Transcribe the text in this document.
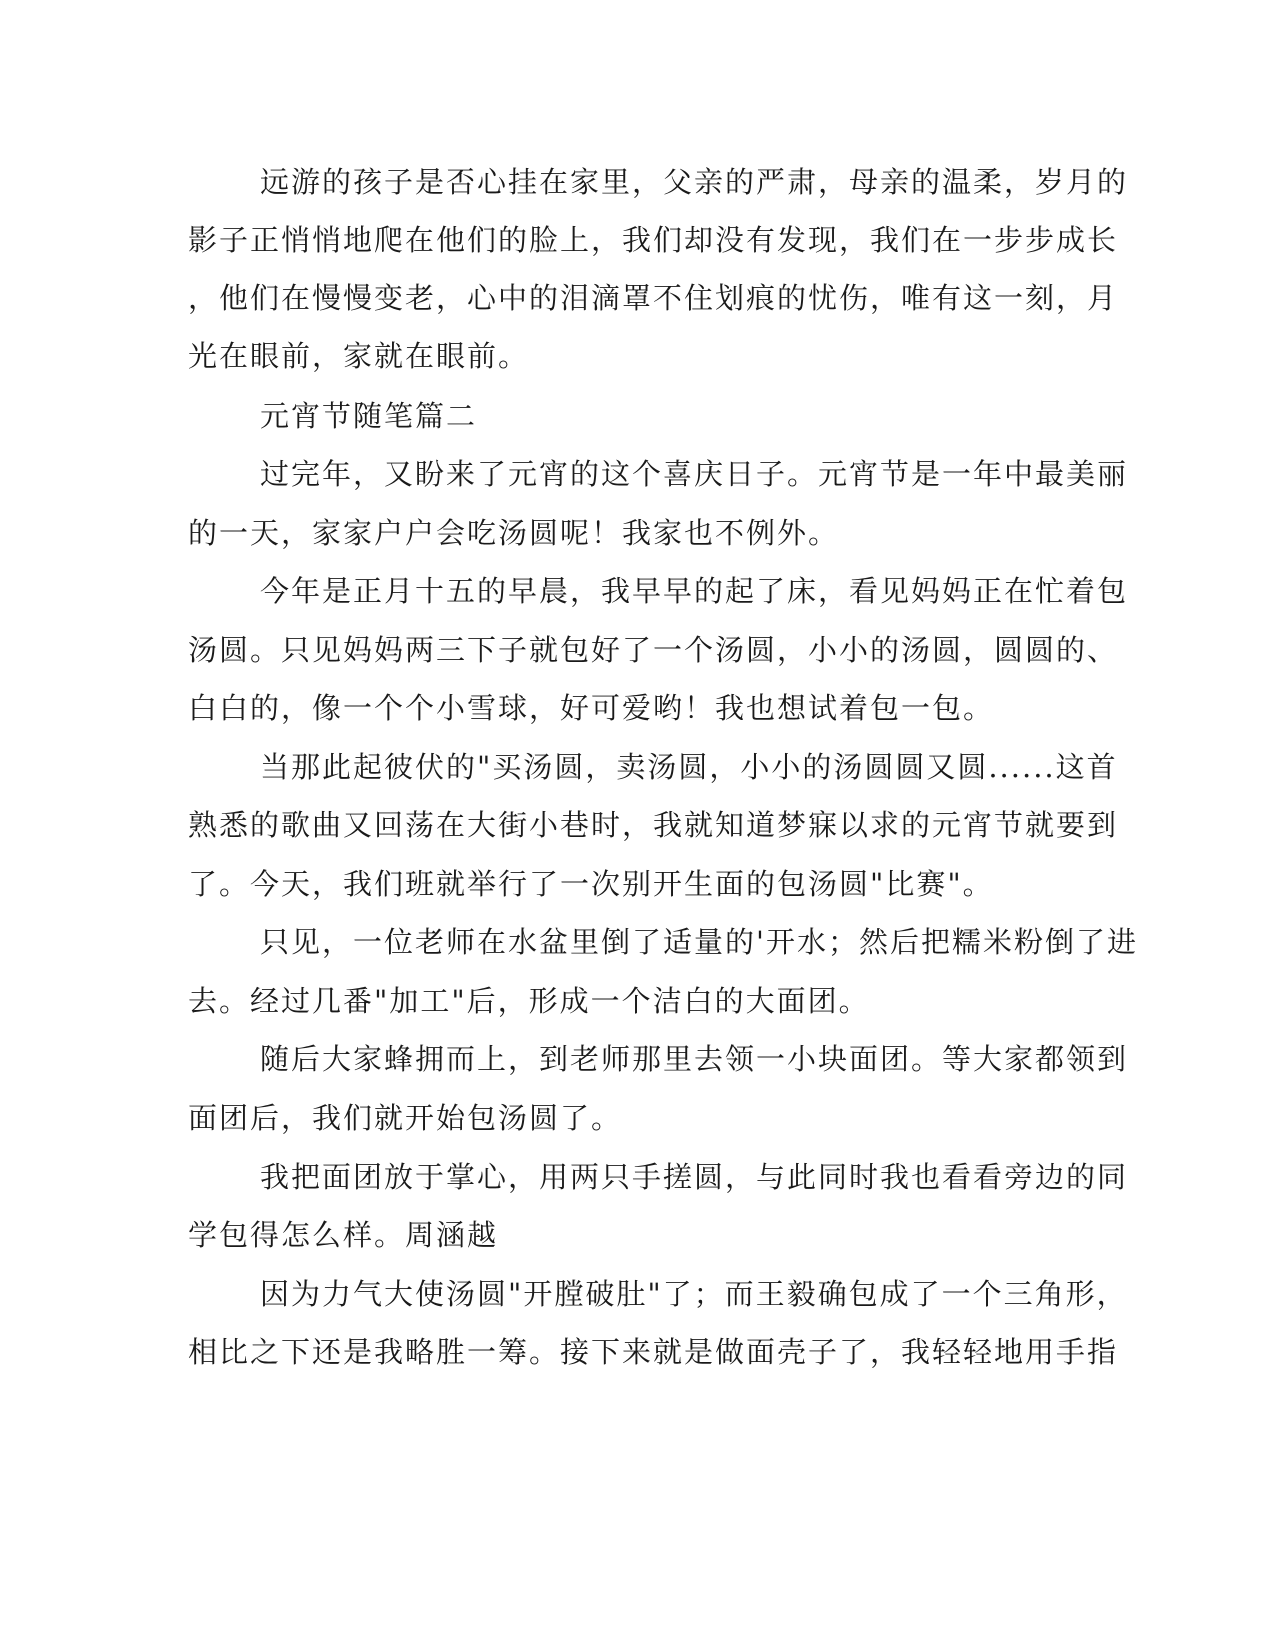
远游的孩子是否心挂在家里，父亲的严肃，母亲的温柔，岁月的

影子正悄悄地爬在他们的脸上，我们却没有发现，我们在一步步成长

，他们在慢慢变老，心中的泪滴罩不住划痕的忧伤，唯有这一刻，月

光在眼前，家就在眼前。

元宵节随笔篇二

过完年，又盼来了元宵的这个喜庆日子。元宵节是一年中最美丽

的一天，家家户户会吃汤圆呢！我家也不例外。

今年是正月十五的早晨，我早早的起了床，看见妈妈正在忙着包

汤圆。只见妈妈两三下子就包好了一个汤圆，小小的汤圆，圆圆的、

白白的，像一个个小雪球，好可爱哟！我也想试着包一包。

当那此起彼伏的"买汤圆，卖汤圆，小小的汤圆圆又圆......这首

熟悉的歌曲又回荡在大街小巷时，我就知道梦寐以求的元宵节就要到

了。今天，我们班就举行了一次别开生面的包汤圆"比赛"。

只见，一位老师在水盆里倒了适量的'开水；然后把糯米粉倒了进

去。经过几番"加工"后，形成一个洁白的大面团。

随后大家蜂拥而上，到老师那里去领一小块面团。等大家都领到

面团后，我们就开始包汤圆了。

我把面团放于掌心，用两只手搓圆，与此同时我也看看旁边的同

学包得怎么样。周涵越

因为力气大使汤圆"开膛破肚"了；而王毅确包成了一个三角形，

相比之下还是我略胜一筹。接下来就是做面壳子了，我轻轻地用手指
